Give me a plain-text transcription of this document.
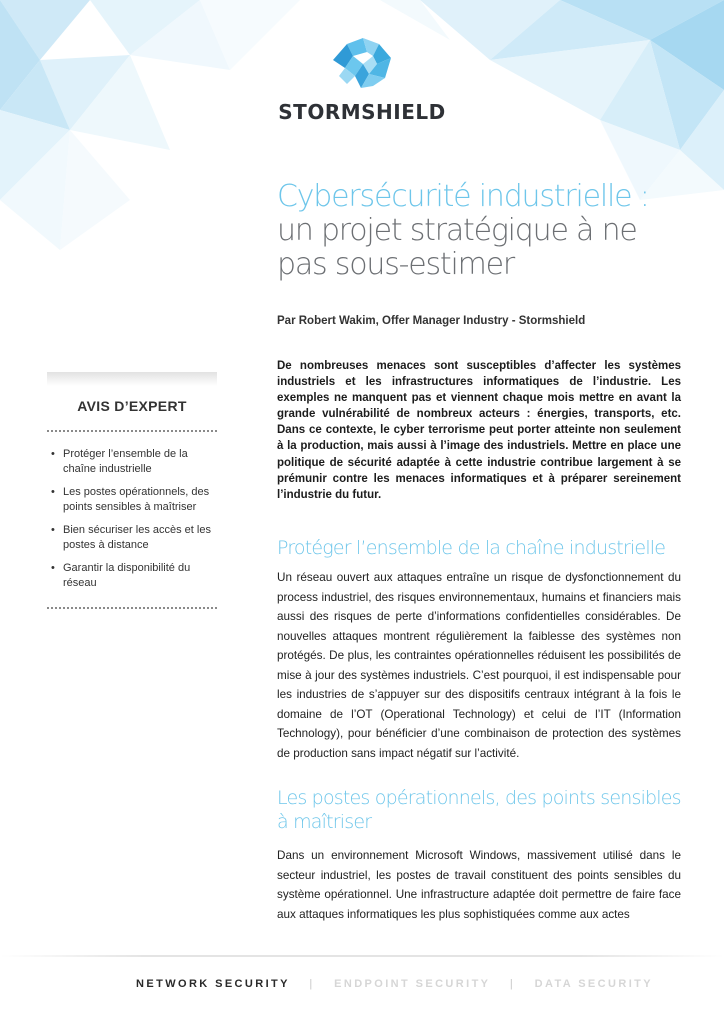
STORMSHIELD
Cybersécurité industrielle :
un projet stratégique à ne
pas sous-estimer
Par Robert Wakim, Offer Manager Industry - Stormshield
AVIS D’EXPERT
• Protéger l’ensemble de la chaîne industrielle
• Les postes opérationnels, des points sensibles à maîtriser
• Bien sécuriser les accès et les postes à distance
• Garantir la disponibilité du réseau
De nombreuses menaces sont susceptibles d’affecter les systèmes industriels et les infrastructures informatiques de l’industrie. Les exemples ne manquent pas et viennent chaque mois mettre en avant la grande vulnérabilité de nombreux acteurs : énergies, transports, etc. Dans ce contexte, le cyber terrorisme peut porter atteinte non seulement à la production, mais aussi à l’image des industriels. Mettre en place une politique de sécurité adaptée à cette industrie contribue largement à se prémunir contre les menaces informatiques et à préparer sereinement l’industrie du futur.
Protéger l’ensemble de la chaîne industrielle
Un réseau ouvert aux attaques entraîne un risque de dysfonctionnement du process industriel, des risques environnementaux, humains et financiers mais aussi des risques de perte d’informations confidentielles considérables. De nouvelles attaques montrent régulièrement la faiblesse des systèmes non protégés. De plus, les contraintes opérationnelles réduisent les possibilités de mise à jour des systèmes industriels. C’est pourquoi, il est indispensable pour les industries de s’appuyer sur des dispositifs centraux intégrant à la fois le domaine de l’OT (Operational Technology) et celui de l’IT (Information Technology), pour bénéficier d’une combinaison de protection des systèmes de production sans impact négatif sur l’activité.
Les postes opérationnels, des points sensibles
à maîtriser
Dans un environnement Microsoft Windows, massivement utilisé dans le secteur industriel, les postes de travail constituent des points sensibles du système opérationnel. Une infrastructure adaptée doit permettre de faire face aux attaques informatiques les plus sophistiquées comme aux actes
NETWORK SECURITY | ENDPOINT SECURITY | DATA SECURITY
